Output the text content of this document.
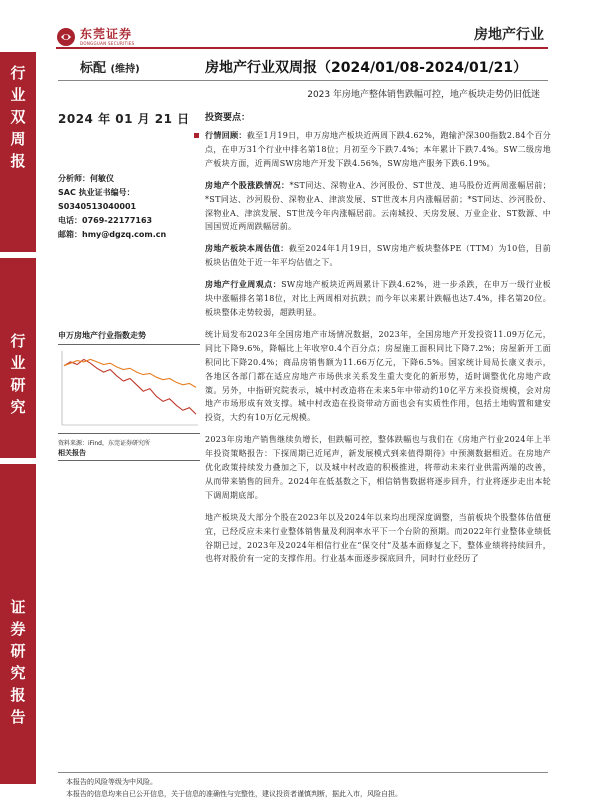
东莞证券
DONGGUAN SECURITIES
房地产行业
行业双周报
行业研究
证券研究报告
标配 (维持)	房地产行业双周报（2024/01/08-2024/01/21）
2023 年房地产整体销售跌幅可控，地产板块走势仍旧低迷
2024 年 01 月 21 日
分析师：何敏仪
SAC 执业证书编号：
S0340513040001
电话：0769-22177163
邮箱：hmy@dgzq.com.cn
申万房地产行业指数走势
资料来源：iFind，东莞证券研究所
相关报告
投资要点：

行情回顾：截至1月19日，申万房地产板块近两周下跌4.62%，跑输沪深300指数2.84个百分点，在申万31个行业中排名第18位；月初至今下跌7.4%；本年累计下跌7.4%。SW二级房地产板块方面，近两周SW房地产开发下跌4.56%，SW房地产服务下跌6.19%。

房地产个股涨跌情况：*ST同达、深物业A、沙河股份、ST世茂、迪马股份近两周涨幅居前；*ST同达、沙河股份、深物业A、津滨发展、ST世茂本月内涨幅居前；*ST同达、沙河股份、深物业A、津滨发展、ST世茂今年内涨幅居前。云南城投、天房发展、万业企业、ST数源、中国国贸近两周跌幅居前。

房地产板块本周估值：截至2024年1月19日，SW房地产板块整体PE（TTM）为10倍，目前板块估值处于近一年平均估值之下。

房地产行业周观点：SW房地产板块近两周累计下跌4.62%，进一步杀跌，在申万一级行业板块中涨幅排名第18位，对比上两周相对抗跌；而今年以来累计跌幅也达7.4%，排名第20位。板块整体走势较弱，超跌明显。

统计局发布2023年全国房地产市场情况数据，2023年，全国房地产开发投资11.09万亿元，同比下降9.6%，降幅比上年收窄0.4个百分点；房屋施工面积同比下降7.2%；房屋新开工面积同比下降20.4%；商品房销售额为11.66万亿元，下降6.5%。国家统计局局长康义表示，各地区各部门都在适应房地产市场供求关系发生重大变化的新形势，适时调整优化房地产政策。另外，中指研究院表示，城中村改造将在未来5年中带动约10亿平方米投资规模，会对房地产市场形成有效支撑。城中村改造在投资带动方面也会有实质性作用，包括土地购置和建安投资，大约有10万亿元规模。

2023年房地产销售继续负增长，但跌幅可控，整体跌幅也与我们在《房地产行业2024年上半年投资策略报告：下探周期已近尾声，新发展模式到来值得期待》中预测数据相近。在房地产优化政策持续发力叠加之下，以及城中村改造的积极推进，将带动未来行业供需两端的改善，从而带来销售的回升。2024年在低基数之下，相信销售数据将逐步回升，行业将逐步走出本轮下调周期底部。

地产板块及大部分个股在2023年以及2024年以来均出现深度调整，当前板块个股整体估值便宜，已经反应未来行业整体销售量及利润率水平下一个台阶的预期。而2022年行业整体业绩低谷期已过，2023年及2024年相信行业在“保交付”及基本面修复之下，整体业绩将持续回升，也将对股价有一定的支撑作用。行业基本面逐步探底回升，同时行业经历了

本报告的风险等级为中风险。
本报告的信息均来自已公开信息，关于信息的准确性与完整性，建议投资者谨慎判断，据此入市，风险自担。
